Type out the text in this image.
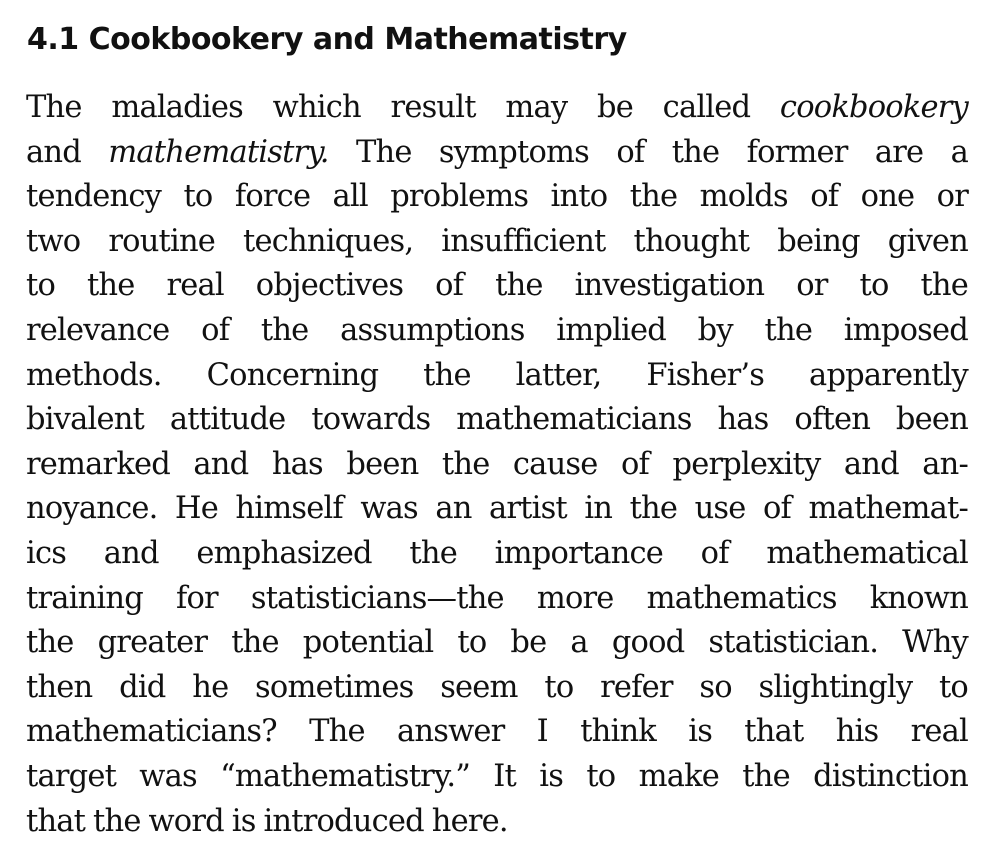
4.1 Cookbookery and Mathematistry
The maladies which result may be called cookbookery
and mathematistry. The symptoms of the former are a
tendency to force all problems into the molds of one or
two routine techniques, insufficient thought being given
to the real objectives of the investigation or to the
relevance of the assumptions implied by the imposed
methods. Concerning the latter, Fisher’s apparently
bivalent attitude towards mathematicians has often been
remarked and has been the cause of perplexity and an-
noyance. He himself was an artist in the use of mathemat-
ics and emphasized the importance of mathematical
training for statisticians—the more mathematics known
the greater the potential to be a good statistician. Why
then did he sometimes seem to refer so slightingly to
mathematicians? The answer I think is that his real
target was “mathematistry.” It is to make the distinction
that the word is introduced here.
